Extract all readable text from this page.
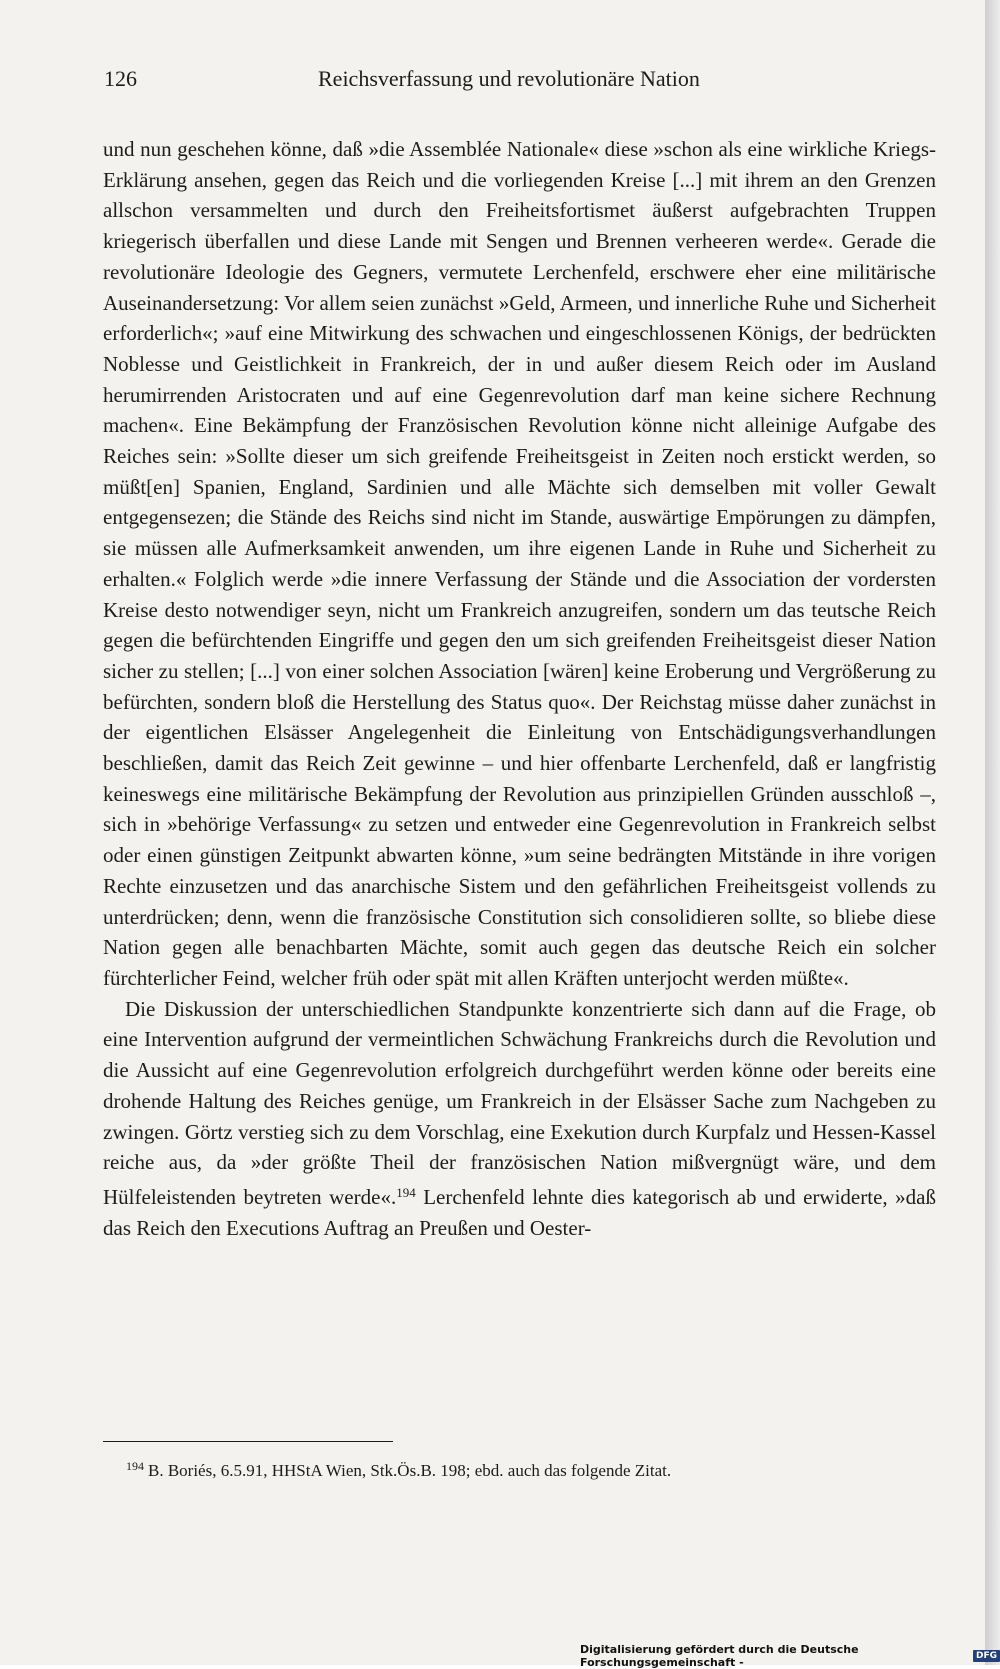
126	Reichsverfassung und revolutionäre Nation

und nun geschehen könne, daß »die Assemblée Nationale« diese »schon als eine wirkliche Kriegs-Erklärung ansehen, gegen das Reich und die vorliegenden Kreise [...] mit ihrem an den Grenzen allschon versammelten und durch den Freiheitsfortismet äußerst aufgebrachten Truppen kriegerisch überfallen und diese Lande mit Sengen und Brennen verheeren werde«. Gerade die revolutionäre Ideologie des Gegners, vermutete Lerchenfeld, erschwere eher eine militärische Auseinandersetzung: Vor allem seien zunächst »Geld, Armeen, und innerliche Ruhe und Sicherheit erforderlich«; »auf eine Mitwirkung des schwachen und eingeschlossenen Königs, der bedrückten Noblesse und Geistlichkeit in Frankreich, der in und außer diesem Reich oder im Ausland herumirrenden Aristocraten und auf eine Gegenrevolution darf man keine sichere Rechnung machen«. Eine Bekämpfung der Französischen Revolution könne nicht alleinige Aufgabe des Reiches sein: »Sollte dieser um sich greifende Freiheitsgeist in Zeiten noch erstickt werden, so müßt[en] Spanien, England, Sardinien und alle Mächte sich demselben mit voller Gewalt entgegensezen; die Stände des Reichs sind nicht im Stande, auswärtige Empörungen zu dämpfen, sie müssen alle Aufmerksamkeit anwenden, um ihre eigenen Lande in Ruhe und Sicherheit zu erhalten.« Folglich werde »die innere Verfassung der Stände und die Association der vordersten Kreise desto notwendiger seyn, nicht um Frankreich anzugreifen, sondern um das teutsche Reich gegen die befürchtenden Eingriffe und gegen den um sich greifenden Freiheitsgeist dieser Nation sicher zu stellen; [...] von einer solchen Association [wären] keine Eroberung und Vergrößerung zu befürchten, sondern bloß die Herstellung des Status quo«. Der Reichstag müsse daher zunächst in der eigentlichen Elsässer Angelegenheit die Einleitung von Entschädigungsverhandlungen beschließen, damit das Reich Zeit gewinne – und hier offenbarte Lerchenfeld, daß er langfristig keineswegs eine militärische Bekämpfung der Revolution aus prinzipiellen Gründen ausschloß –, sich in »behörige Verfassung« zu setzen und entweder eine Gegenrevolution in Frankreich selbst oder einen günstigen Zeitpunkt abwarten könne, »um seine bedrängten Mitstände in ihre vorigen Rechte einzusetzen und das anarchische Sistem und den gefährlichen Freiheitsgeist vollends zu unterdrücken; denn, wenn die französische Constitution sich consolidieren sollte, so bliebe diese Nation gegen alle benachbarten Mächte, somit auch gegen das deutsche Reich ein solcher fürchterlicher Feind, welcher früh oder spät mit allen Kräften unterjocht werden müßte«.

Die Diskussion der unterschiedlichen Standpunkte konzentrierte sich dann auf die Frage, ob eine Intervention aufgrund der vermeintlichen Schwächung Frankreichs durch die Revolution und die Aussicht auf eine Gegenrevolution erfolgreich durchgeführt werden könne oder bereits eine drohende Haltung des Reiches genüge, um Frankreich in der Elsässer Sache zum Nachgeben zu zwingen. Görtz verstieg sich zu dem Vorschlag, eine Exekution durch Kurpfalz und Hessen-Kassel reiche aus, da »der größte Theil der französischen Nation mißvergnügt wäre, und dem Hülfeleistenden beytreten werde«.$^{194}$ Lerchenfeld lehnte dies kategorisch ab und erwiderte, »daß das Reich den Executions Auftrag an Preußen und Oester-

$^{194}$ B. Boriés, 6.5.91, HHStA Wien, Stk.Ös.B. 198; ebd. auch das folgende Zitat.
Digitalisierung gefördert durch die Deutsche Forschungsgemeinschaft -	DFG
